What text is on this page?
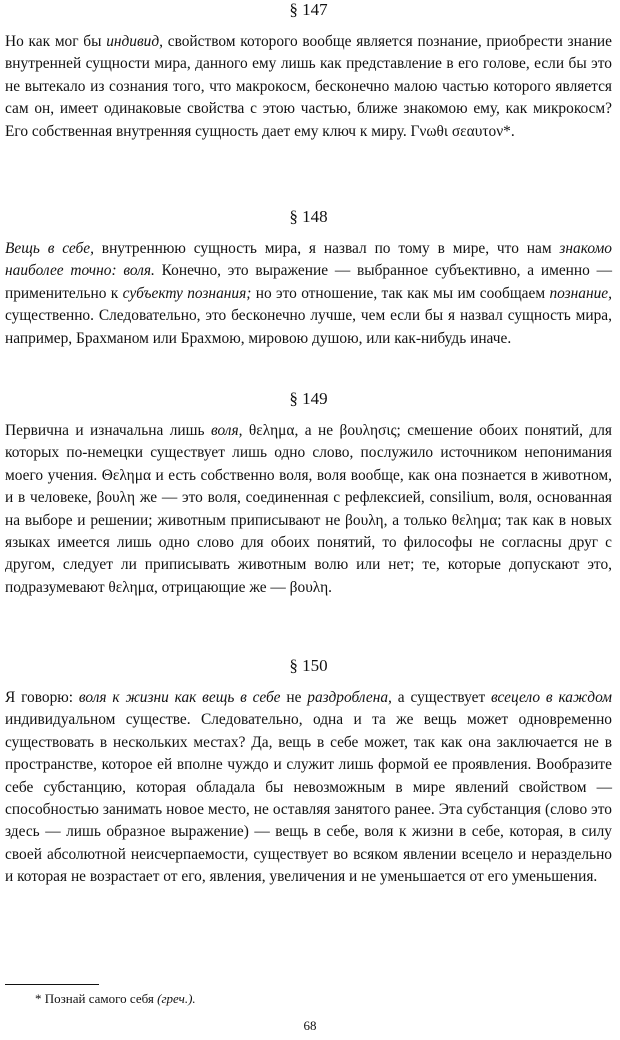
§ 147

Но как мог бы индивид, свойством которого вообще является познание, приобрести знание внутренней сущности мира, данного ему лишь как представление в его голове, если бы это не вытекало из сознания того, что макрокосм, бесконечно малою частью которого является сам он, имеет одинаковые свойства с этою частью, ближе знакомою ему, как микрокосм? Его собственная внутренняя сущность дает ему ключ к миру. Γνωθι σεαυτον*.

§ 148

Вещь в себе, внутреннюю сущность мира, я назвал по тому в мире, что нам знакомо наиболее точно: воля. Конечно, это выражение — выбранное субъективно, а именно — применительно к субъекту познания; но это отношение, так как мы им сообщаем познание, существенно. Следовательно, это бесконечно лучше, чем если бы я назвал сущность мира, например, Брахманом или Брахмою, мировою душою, или как-нибудь иначе.

§ 149

Первична и изначальна лишь воля, θελημα, а не βουλησις; смешение обоих понятий, для которых по-немецки существует лишь одно слово, послужило источником непонимания моего учения. Θελημα и есть собственно воля, воля вообще, как она познается в животном, и в человеке, βουλη же — это воля, соединенная с рефлексией, consilium, воля, основанная на выборе и решении; животным приписывают не βουλη, а только θελημα; так как в новых языках имеется лишь одно слово для обоих понятий, то философы не согласны друг с другом, следует ли приписывать животным волю или нет; те, которые допускают это, подразумевают θελημα, отрицающие же — βουλη.

§ 150

Я говорю: воля к жизни как вещь в себе не раздроблена, а существует всецело в каждом индивидуальном существе. Следовательно, одна и та же вещь может одновременно существовать в нескольких местах? Да, вещь в себе может, так как она заключается не в пространстве, которое ей вполне чуждо и служит лишь формой ее проявления. Вообразите себе субстанцию, которая обладала бы невозможным в мире явлений свойством — способностью занимать новое место, не оставляя занятого ранее. Эта субстанция (слово это здесь — лишь образное выражение) — вещь в себе, воля к жизни в себе, которая, в силу своей абсолютной неисчерпаемости, существует во всяком явлении всецело и нераздельно и которая не возрастает от его, явления, увеличения и не уменьшается от его уменьшения.

* Познай самого себя (греч.).
68
